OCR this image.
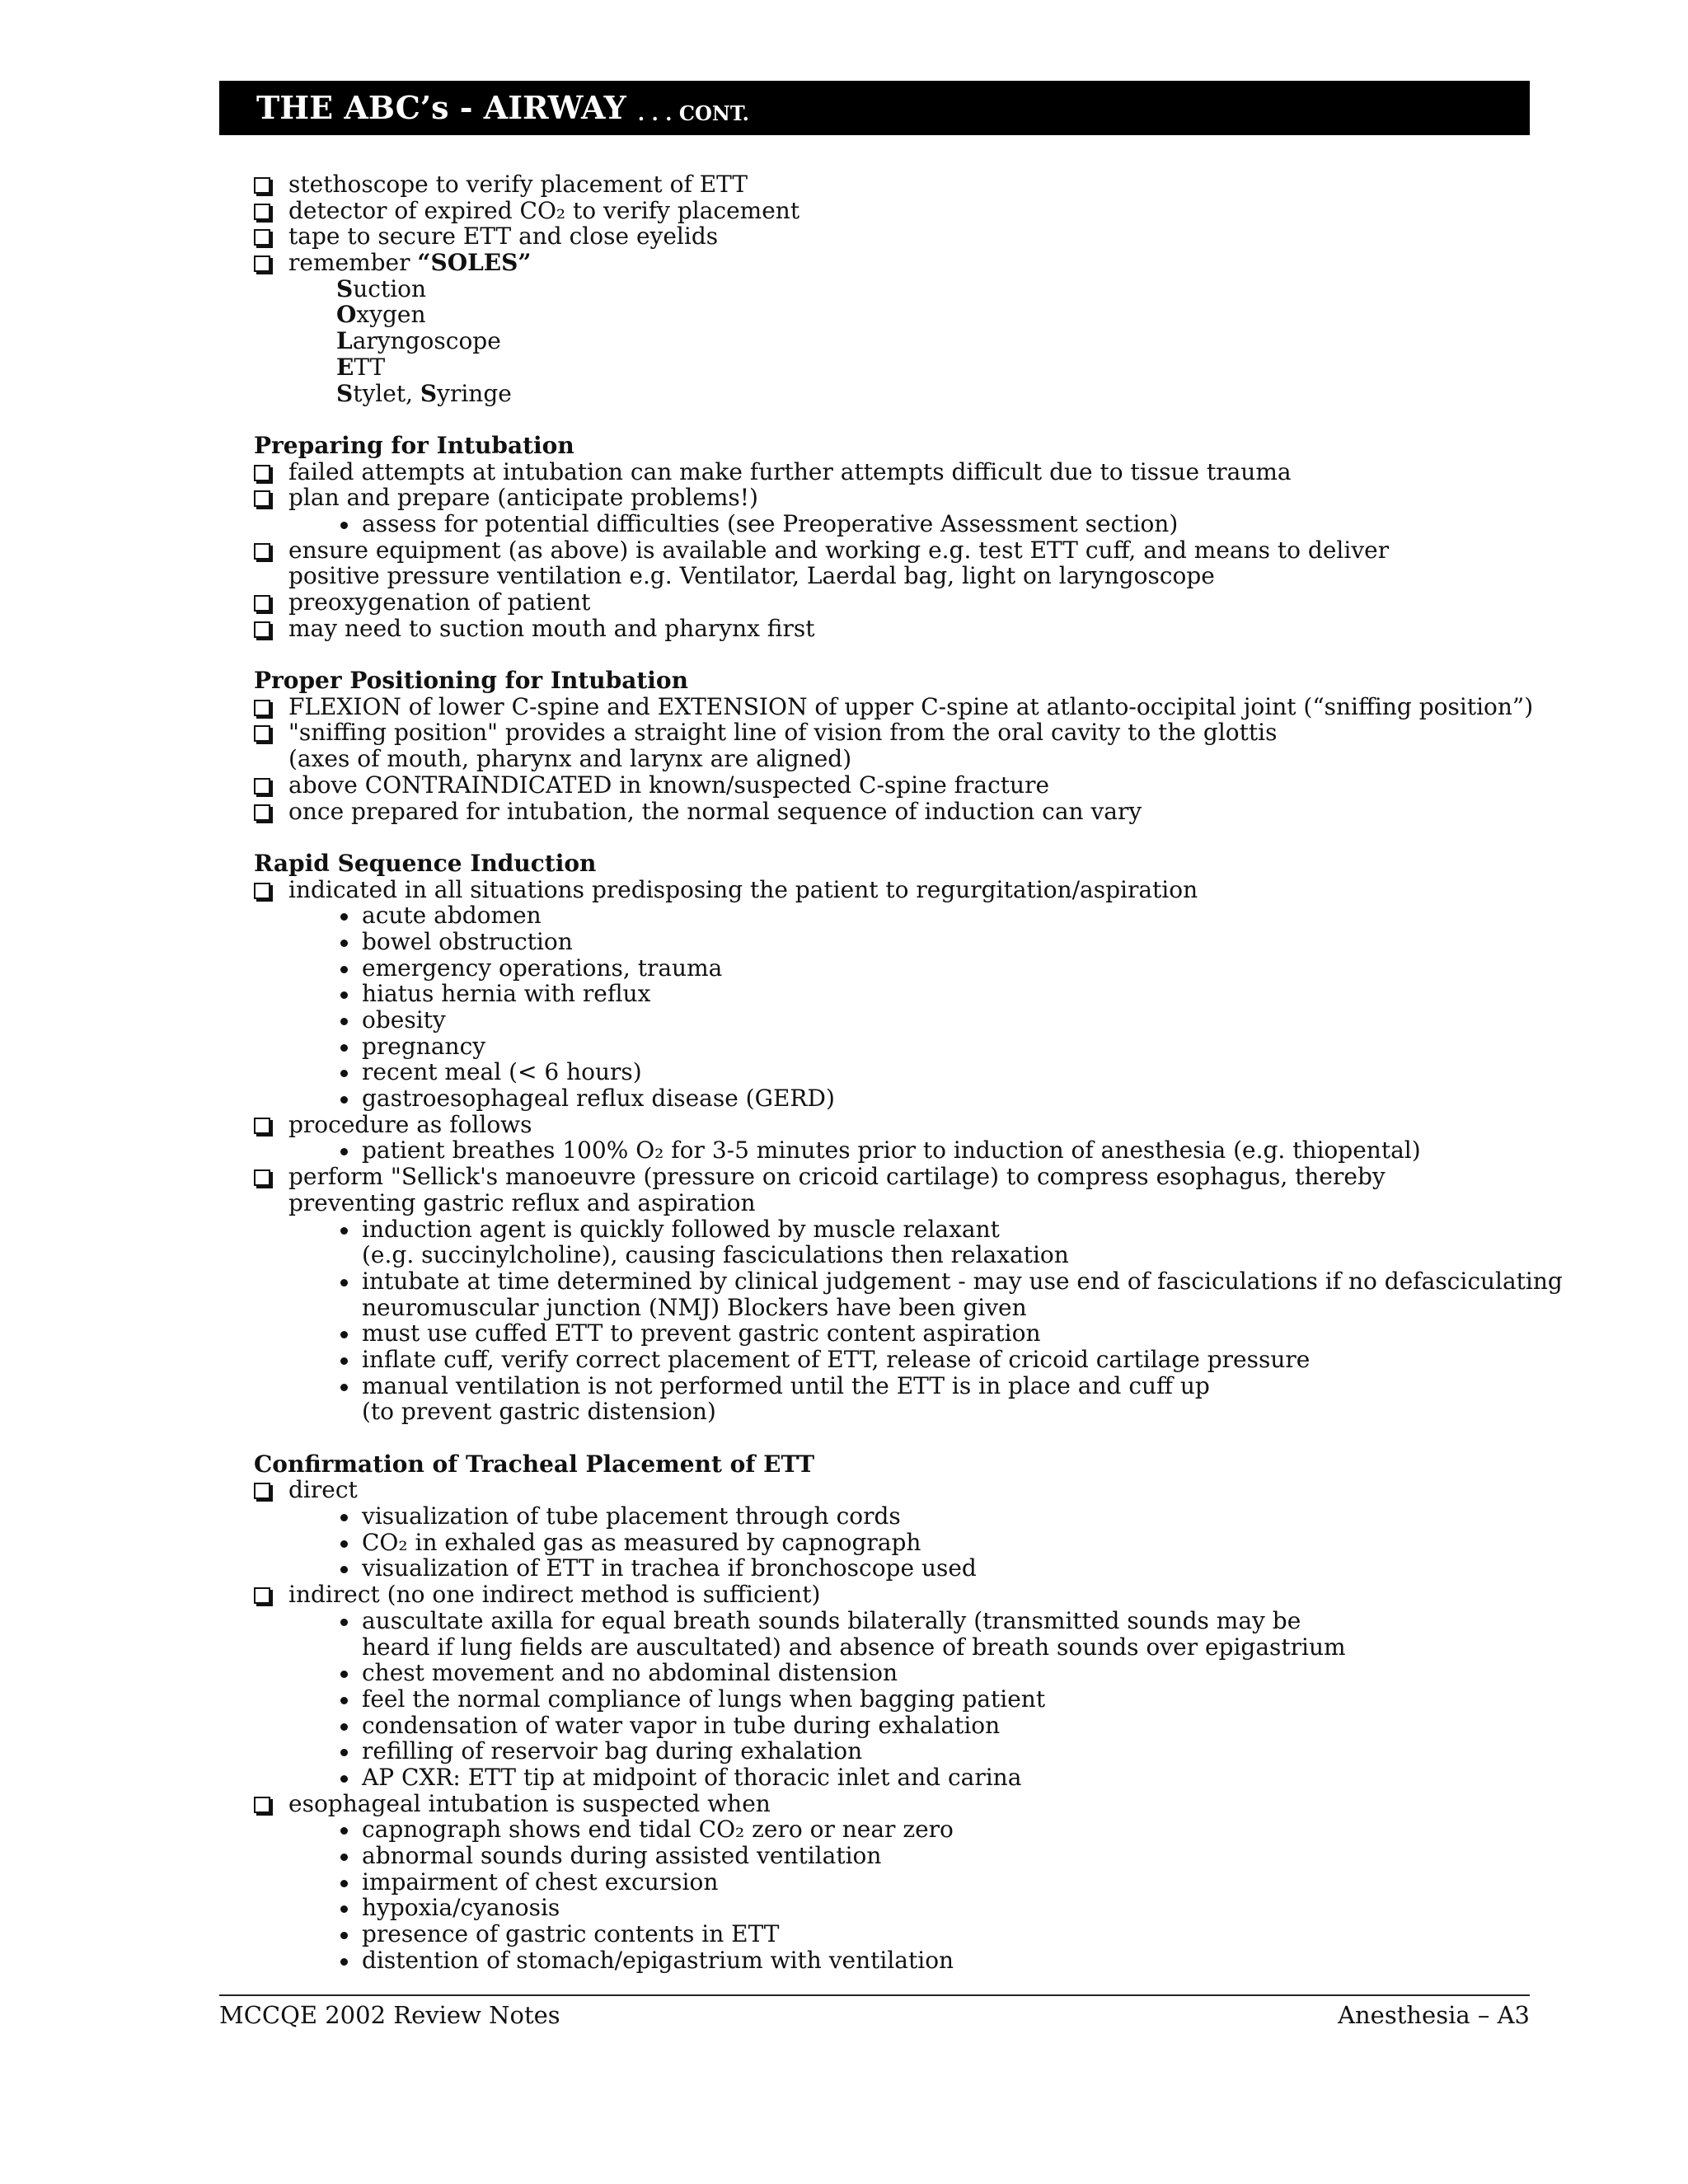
THE ABC’s - AIRWAY . . . CONT.
stethoscope to verify placement of ETT
detector of expired CO₂ to verify placement
tape to secure ETT and close eyelids
remember “SOLES”
Suction
Oxygen
Laryngoscope
ETT
Stylet, Syringe
Preparing for Intubation
failed attempts at intubation can make further attempts difficult due to tissue trauma
plan and prepare (anticipate problems!)
assess for potential difficulties (see Preoperative Assessment section)
ensure equipment (as above) is available and working e.g. test ETT cuff, and means to deliver
positive pressure ventilation e.g. Ventilator, Laerdal bag, light on laryngoscope
preoxygenation of patient
may need to suction mouth and pharynx first
Proper Positioning for Intubation
FLEXION of lower C-spine and EXTENSION of upper C-spine at atlanto-occipital joint (“sniffing position”)
"sniffing position" provides a straight line of vision from the oral cavity to the glottis
(axes of mouth, pharynx and larynx are aligned)
above CONTRAINDICATED in known/suspected C-spine fracture
once prepared for intubation, the normal sequence of induction can vary
Rapid Sequence Induction
indicated in all situations predisposing the patient to regurgitation/aspiration
acute abdomen
bowel obstruction
emergency operations, trauma
hiatus hernia with reflux
obesity
pregnancy
recent meal (< 6 hours)
gastroesophageal reflux disease (GERD)
procedure as follows
patient breathes 100% O₂ for 3-5 minutes prior to induction of anesthesia (e.g. thiopental)
perform "Sellick's manoeuvre (pressure on cricoid cartilage) to compress esophagus, thereby
preventing gastric reflux and aspiration
induction agent is quickly followed by muscle relaxant
(e.g. succinylcholine), causing fasciculations then relaxation
intubate at time determined by clinical judgement - may use end of fasciculations if no defasciculating
neuromuscular junction (NMJ) Blockers have been given
must use cuffed ETT to prevent gastric content aspiration
inflate cuff, verify correct placement of ETT, release of cricoid cartilage pressure
manual ventilation is not performed until the ETT is in place and cuff up
(to prevent gastric distension)
Confirmation of Tracheal Placement of ETT
direct
visualization of tube placement through cords
CO₂ in exhaled gas as measured by capnograph
visualization of ETT in trachea if bronchoscope used
indirect (no one indirect method is sufficient)
auscultate axilla for equal breath sounds bilaterally (transmitted sounds may be
heard if lung fields are auscultated) and absence of breath sounds over epigastrium
chest movement and no abdominal distension
feel the normal compliance of lungs when bagging patient
condensation of water vapor in tube during exhalation
refilling of reservoir bag during exhalation
AP CXR: ETT tip at midpoint of thoracic inlet and carina
esophageal intubation is suspected when
capnograph shows end tidal CO₂ zero or near zero
abnormal sounds during assisted ventilation
impairment of chest excursion
hypoxia/cyanosis
presence of gastric contents in ETT
distention of stomach/epigastrium with ventilation
MCCQE 2002 Review Notes	Anesthesia – A3
